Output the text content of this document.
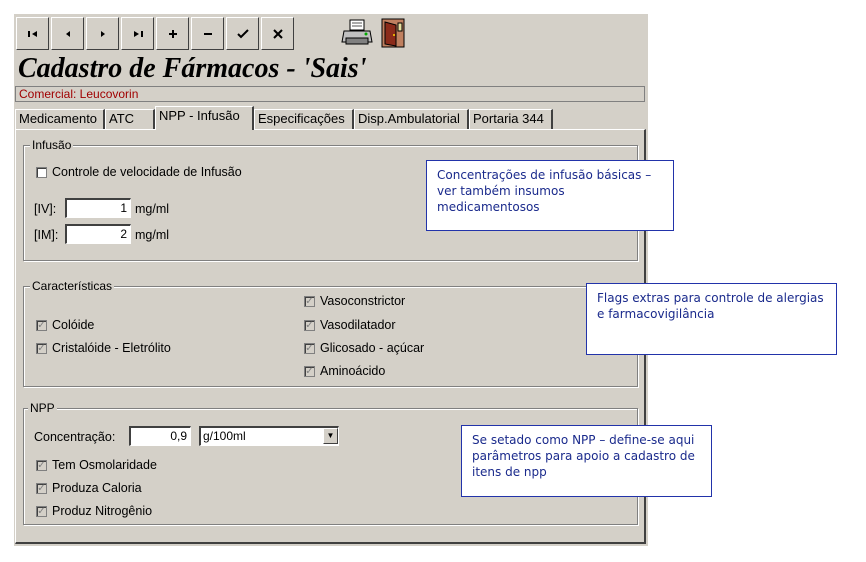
Cadastro de Fármacos - 'Sais'
Comercial: Leucovorin
Medicamento ATC	NPP - Infusão	Especificações	Disp.Ambulatorial	Portaria 344
Infusão
Controle de velocidade de Infusão
[IV]:	1 mg/ml
[IM]:	2 mg/ml
Características
✓ Vasoconstrictor
✓ Colóide	✓ Vasodilatador
✓ Cristalóide - Eletrólito	✓ Glicosado - açúcar
✓ Aminoácido
NPP
Concentração:	0,9	g/100ml	▼
✓ Tem Osmolaridade
✓ Produza Caloria
✓ Produz Nitrogênio
Concentrações de infusão básicas – ver também insumos medicamentosos
Flags extras para controle de alergias e farmacovigilância
Se setado como NPP – define-se aqui parâmetros para apoio a cadastro de itens de npp
